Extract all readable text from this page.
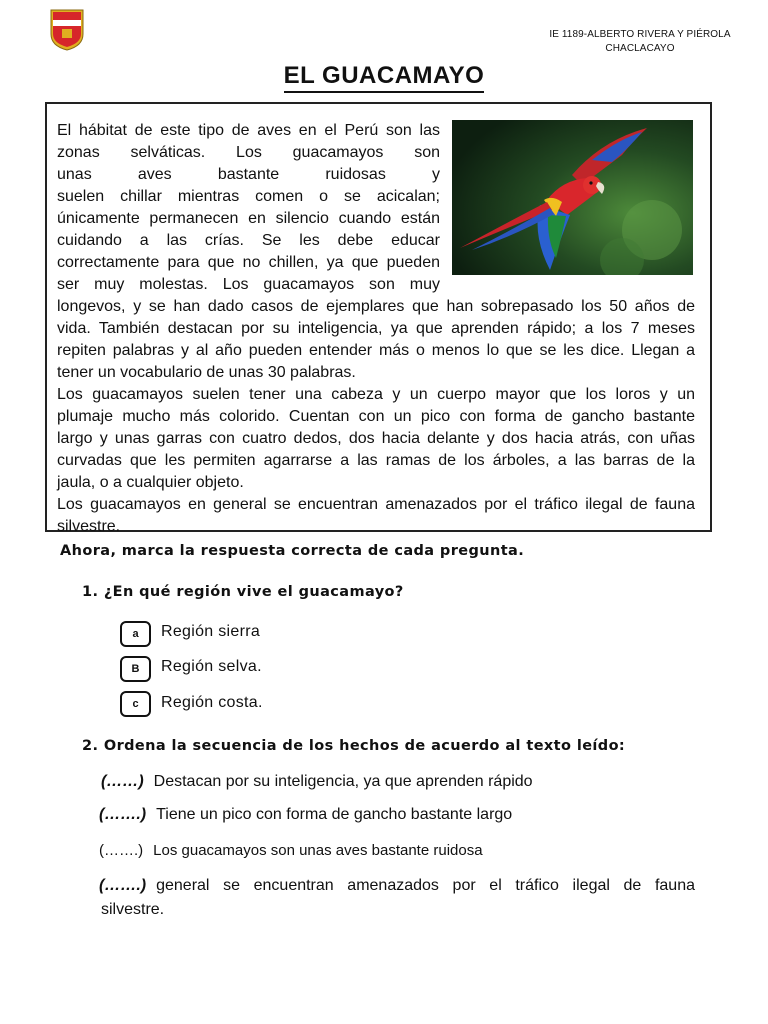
IE 1189-ALBERTO RIVERA Y PIÉROLA
CHACLACAYO
EL GUACAMAYO
El hábitat de este tipo de aves en el Perú son las
zonas selváticas. Los guacamayos son
unas aves bastante ruidosas y
suelen chillar mientras comen o se acicalan;
únicamente permanecen en silencio cuando están
cuidando a las crías. Se les debe educar
correctamente para que no chillen, ya que pueden
ser muy molestas. Los guacamayos son muy
longevos, y se han dado casos de ejemplares que han sobrepasado los 50 años de
vida. También destacan por su inteligencia, ya que aprenden rápido; a los 7 meses
repiten palabras y al año pueden entender más o menos lo que se les dice. Llegan a
tener un vocabulario de unas 30 palabras.
Los guacamayos suelen tener una cabeza y un cuerpo mayor que los loros y un
plumaje mucho más colorido. Cuentan con un pico con forma de gancho bastante
largo y unas garras con cuatro dedos, dos hacia delante y dos hacia atrás, con uñas
curvadas que les permiten agarrarse a las ramas de los árboles, a las barras de la
jaula, o a cualquier objeto.
Los guacamayos en general se encuentran amenazados por el tráfico ilegal de fauna
silvestre.
Ahora, marca la respuesta correcta de cada pregunta.
1. ¿En qué región vive el guacamayo?
a	Región sierra
B	Región selva.
c	Región costa.
2. Ordena la secuencia de los hechos de acuerdo al texto leído:
(……) Destacan por su inteligencia, ya que aprenden rápido
(…….) Tiene un pico con forma de gancho bastante largo
(…….) Los guacamayos son unas aves bastante ruidosa
(…….) general se encuentran amenazados por el tráfico ilegal de fauna
silvestre.
